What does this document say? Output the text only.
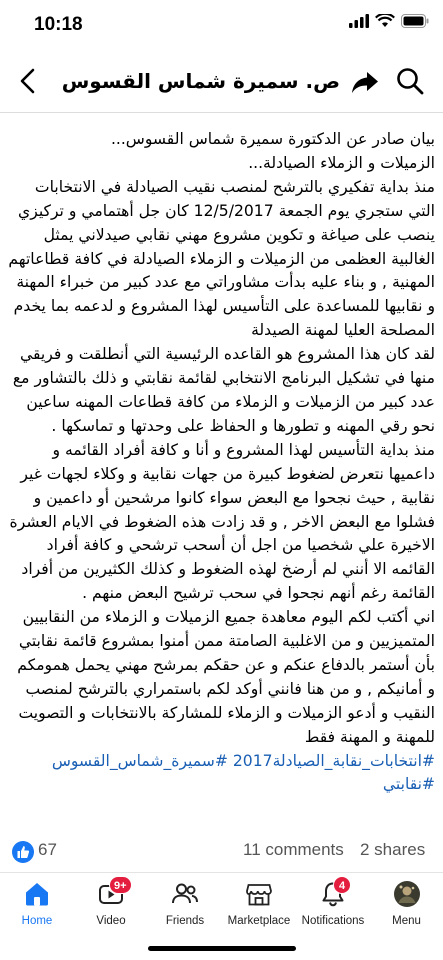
10:18
ص. سميرة شماس القسوس

بيان صادر عن الدكتورة سميرة شماس القسوس...

الزميلات و الزملاء الصيادلة...

منذ بداية تفكيري بالترشح لمنصب نقيب الصيادلة في الانتخابات التي ستجري يوم الجمعة 12/5/2017 كان جل أهتمامي و تركيزي ينصب على صياغة و تكوين مشروع مهني نقابي صيدلاني يمثل الغالبية العظمى من الزميلات و الزملاء الصيادلة في كافة قطاعاتهم المهنية , و بناء عليه بدأت مشاوراتي مع عدد كبير من خبراء المهنة و نقابيها للمساعدة على التأسيس لهذا المشروع و لدعمه بما يخدم المصلحة العليا لمهنة الصيدلة

لقد كان هذا المشروع هو القاعده الرئيسية التي أنطلقت و فريقي منها في تشكيل البرنامج الانتخابي لقائمة نقابتي و ذلك بالتشاور مع عدد كبير من الزميلات و الزملاء من كافة قطاعات المهنه ساعين نحو رقي المهنه و تطورها و الحفاظ على وحدتها و تماسكها .

منذ بداية التأسيس لهذا المشروع و أنا و كافة أفراد القائمه و داعميها نتعرض لضغوط كبيرة من جهات نقابية و وكلاء لجهات غير نقابية , حيث نجحوا مع البعض سواء كانوا مرشحين أو داعمين و فشلوا مع البعض الاخر , و قد زادت هذه الضغوط في الايام العشرة الاخيرة علي شخصيا من اجل أن أسحب ترشحي و كافة أفراد القائمه الا أنني لم أرضخ لهذه الضغوط و كذلك الكثيرين من أفراد القائمة رغم أنهم نجحوا في سحب ترشيح البعض منهم .

اني أكتب لكم اليوم معاهدة جميع الزميلات و الزملاء من النقابيين المتميزيين و من الاغلبية الصامتة ممن أمنوا بمشروع قائمة نقابتي بأن أستمر بالدفاع عنكم و عن حقكم بمرشح مهني يحمل همومكم و أمانيكم , و من هنا فانني أوكد لكم باستمراري بالترشح لمنصب النقيب و أدعو الزميلات و الزملاء للمشاركة بالانتخابات و التصويت للمهنة و المهنة فقط

#انتخابات_نقابة_الصيادلة2017 #سميرة_شماس_القسوس #نقابتي

67	11 comments 2 shares
Home
9+
Video	Friends	Marketplace
4
Notifications	Menu
